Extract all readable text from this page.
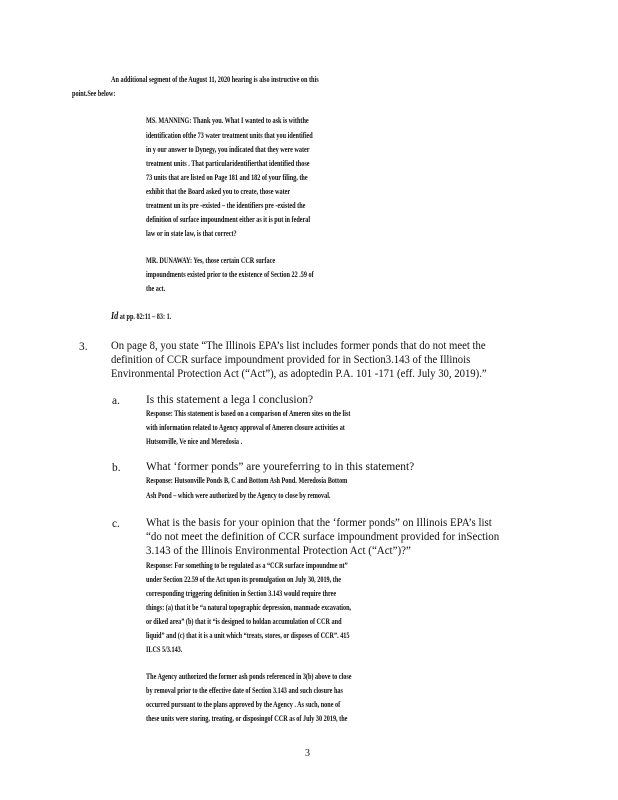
An additional segment of the August 11, 2020 hearing is also instructive on this
point.See below:
MS. MANNING: Thank you. What I wanted to ask is withthe
identification ofthe 73 water treatment units that you identified
in y our answer to Dynegy, you indicated that they were water
treatment units . That particularidentifierthat identified those
73 units that are listed on Page 181 and 182 of your filing, the
exhibit that the Board asked you to create, those water
treatment un its pre -existed – the identifiers pre -existed the
definition of surface impoundment either as it is put in federal
law or in state law, is that correct?
MR. DUNAWAY: Yes, those certain CCR surface
impoundments existed prior to the existence of Section 22 .59 of
the act.
Id at pp. 82:11 – 83: 1.
3. On page 8, you state “The Illinois EPA’s list includes former ponds that do not meet the
definition of CCR surface impoundment provided for in Section3.143 of the Illinois
Environmental Protection Act (“Act”), as adoptedin P.A. 101 -171 (eff. July 30, 2019).”
a. Is this statement a lega l conclusion?
Response: This statement is based on a comparison of Ameren sites on the list
with information related to Agency approval of Ameren closure activities at
Hutsonville, Ve nice and Meredosia .
b. What ‘former ponds” are youreferring to in this statement?
Response: Hutsonville Ponds B, C and Bottom Ash Pond. Meredosia Bottom
Ash Pond – which were authorized by the Agency to close by removal.
c. What is the basis for your opinion that the ‘former ponds” on Illinois EPA’s list
“do not meet the definition of CCR surface impoundment provided for inSection
3.143 of the Illinois Environmental Protection Act (“Act”)?”
Response: For something to be regulated as a “CCR surface impoundme nt”
under Section 22.59 of the Act upon its promulgation on July 30, 2019, the
corresponding triggering definition in Section 3.143 would require three
things: (a) that it be “a natural topographic depression, manmade excavation,
or diked area” (b) that it “is designed to holdan accumulation of CCR and
liquid” and (c) that it is a unit which “treats, stores, or disposes of CCR”. 415
ILCS 5/3.143.
The Agency authorized the former ash ponds referenced in 3(b) above to close
by removal prior to the effective date of Section 3.143 and such closure has
occurred pursuant to the plans approved by the Agency . As such, none of
these units were storing, treating, or disposingof CCR as of July 30 2019, the
3
